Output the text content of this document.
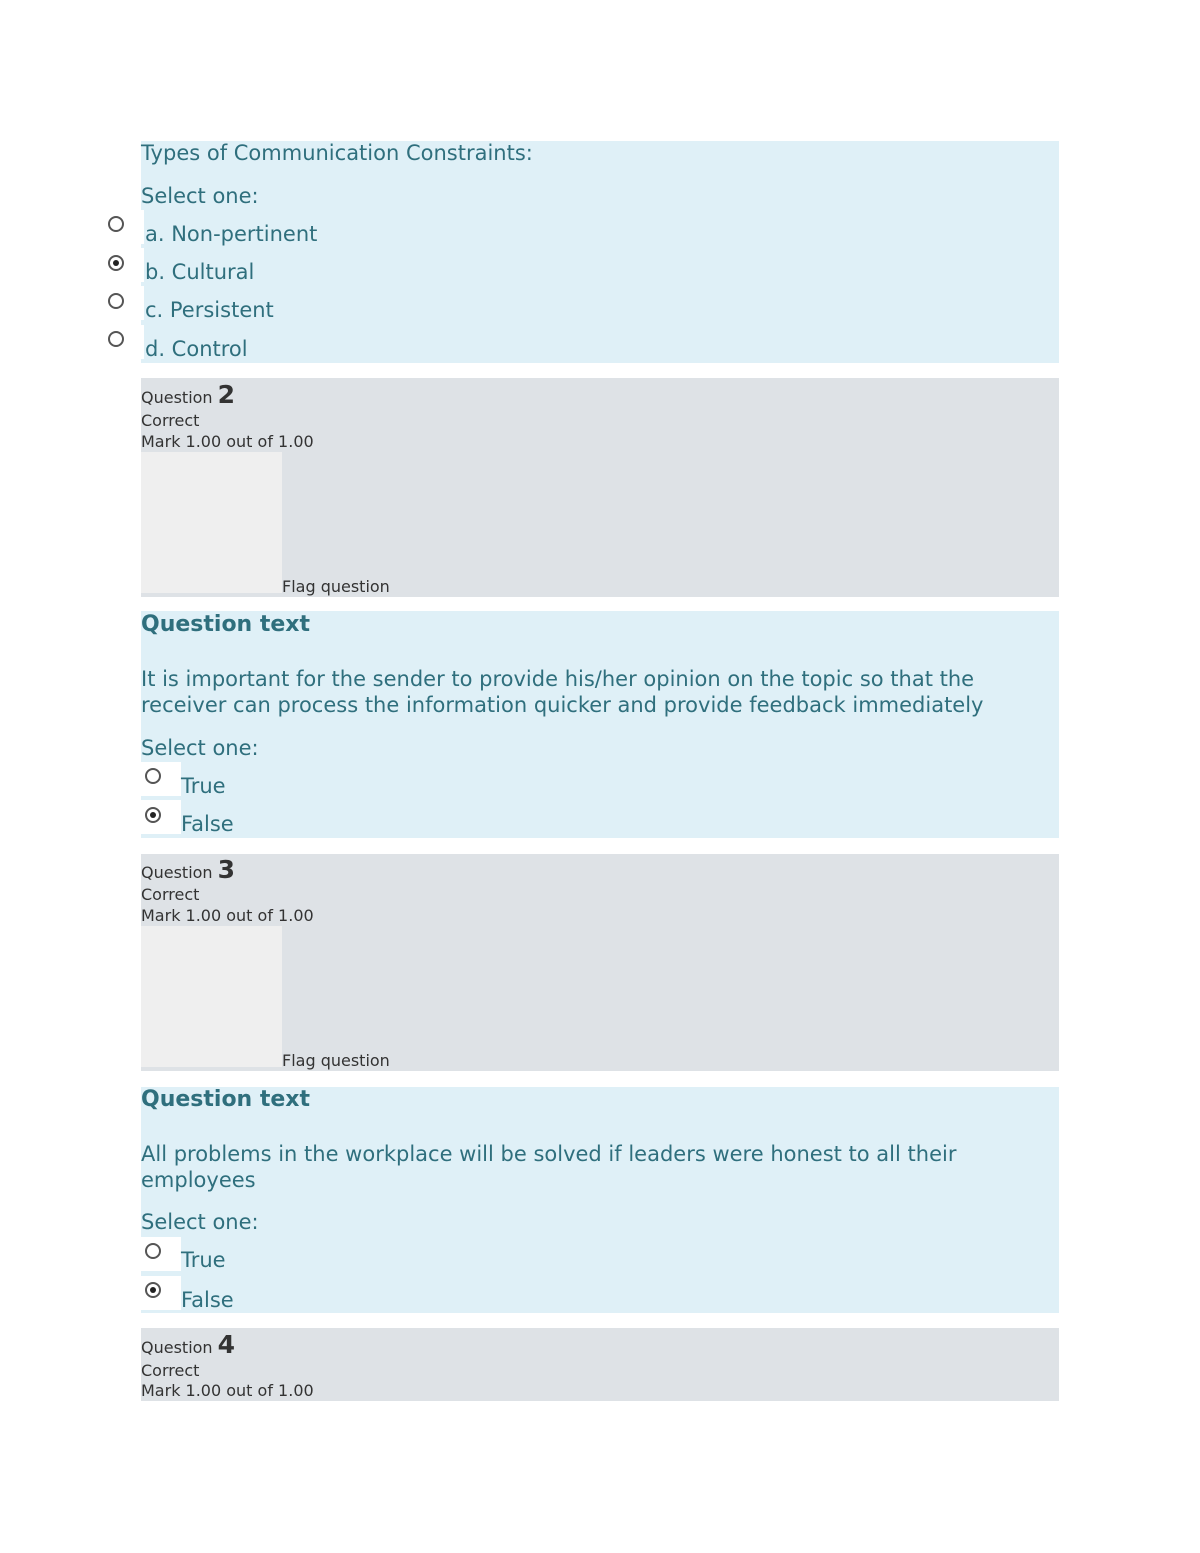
Types of Communication Constraints:
Select one:
a. Non-pertinent
b. Cultural
c. Persistent
d. Control
Question 2
Correct
Mark 1.00 out of 1.00
Flag question
Question text
It is important for the sender to provide his/her opinion on the topic so that the
receiver can process the information quicker and provide feedback immediately
Select one:
True
False
Question 3
Correct
Mark 1.00 out of 1.00
Flag question
Question text
All problems in the workplace will be solved if leaders were honest to all their
employees
Select one:
True
False
Question 4
Correct
Mark 1.00 out of 1.00
